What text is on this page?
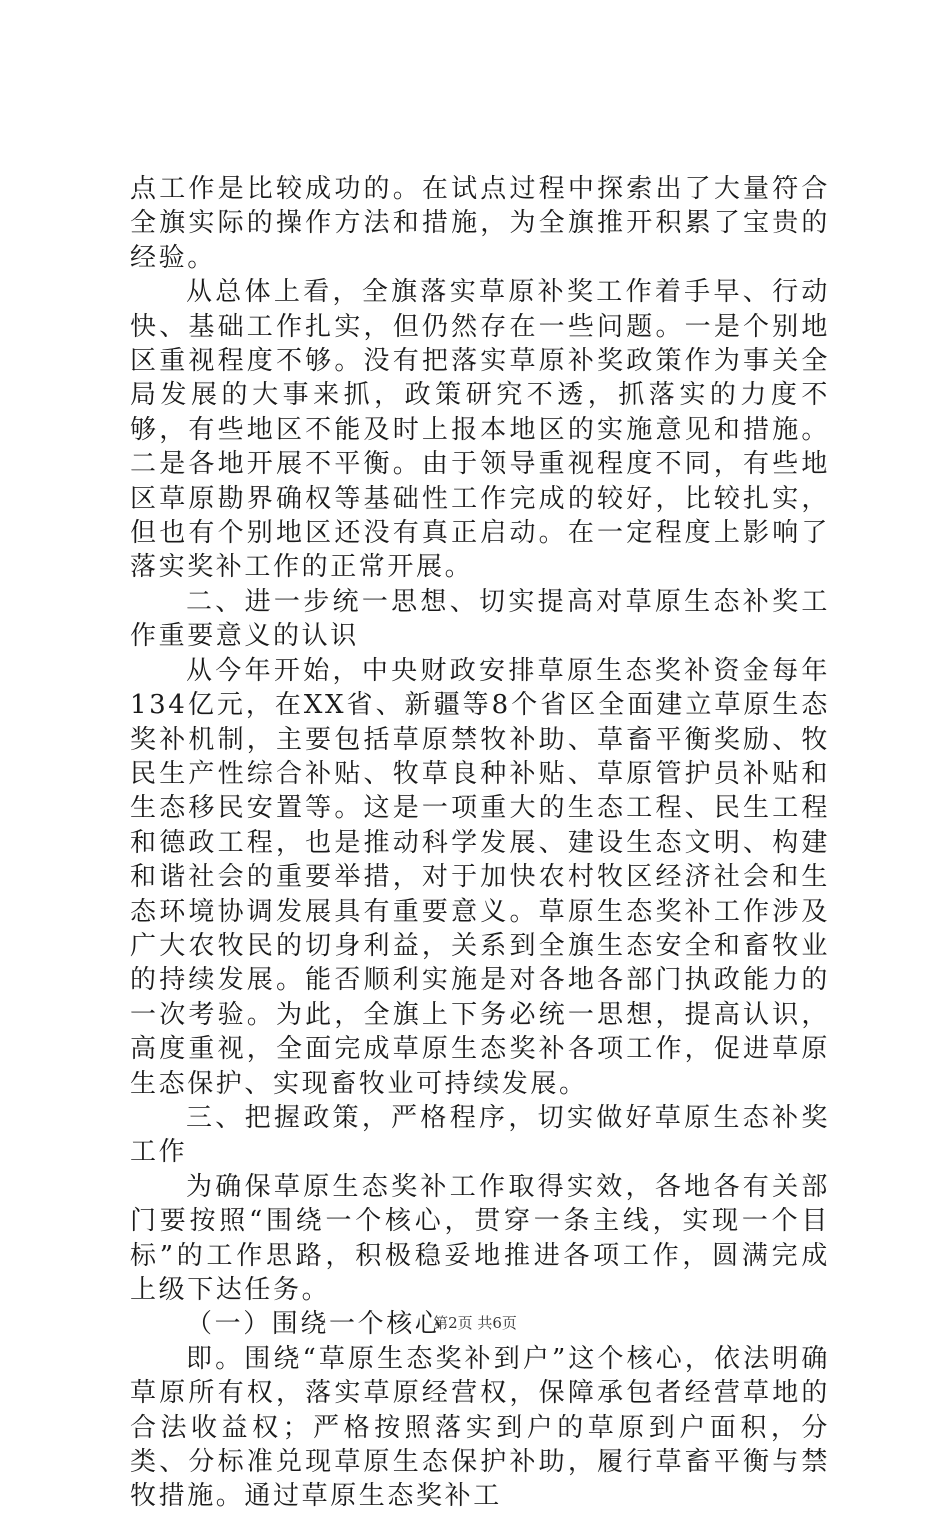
点工作是比较成功的。在试点过程中探索出了大量符合全旗实际的操作方法和措施，为全旗推开积累了宝贵的经验。

从总体上看，全旗落实草原补奖工作着手早、行动快、基础工作扎实，但仍然存在一些问题。一是个别地区重视程度不够。没有把落实草原补奖政策作为事关全局发展的大事来抓，政策研究不透，抓落实的力度不够，有些地区不能及时上报本地区的实施意见和措施。二是各地开展不平衡。由于领导重视程度不同，有些地区草原勘界确权等基础性工作完成的较好，比较扎实，但也有个别地区还没有真正启动。在一定程度上影响了落实奖补工作的正常开展。

二、进一步统一思想、切实提高对草原生态补奖工作重要意义的认识

从今年开始，中央财政安排草原生态奖补资金每年134亿元，在XX省、新疆等8个省区全面建立草原生态奖补机制，主要包括草原禁牧补助、草畜平衡奖励、牧民生产性综合补贴、牧草良种补贴、草原管护员补贴和生态移民安置等。这是一项重大的生态工程、民生工程和德政工程，也是推动科学发展、建设生态文明、构建和谐社会的重要举措，对于加快农村牧区经济社会和生态环境协调发展具有重要意义。草原生态奖补工作涉及广大农牧民的切身利益，关系到全旗生态安全和畜牧业的持续发展。能否顺利实施是对各地各部门执政能力的一次考验。为此，全旗上下务必统一思想，提高认识，高度重视，全面完成草原生态奖补各项工作，促进草原生态保护、实现畜牧业可持续发展。

三、把握政策，严格程序，切实做好草原生态补奖工作

为确保草原生态奖补工作取得实效，各地各有关部门要按照“围绕一个核心，贯穿一条主线，实现一个目标”的工作思路，积极稳妥地推进各项工作，圆满完成上级下达任务。

（一）围绕一个核心

即。围绕“草原生态奖补到户”这个核心，依法明确草原所有权，落实草原经营权，保障承包者经营草地的合法收益权；严格按照落实到户的草原到户面积，分类、分标准兑现草原生态保护补助，履行草畜平衡与禁牧措施。通过草原生态奖补工

第2页 共6页
